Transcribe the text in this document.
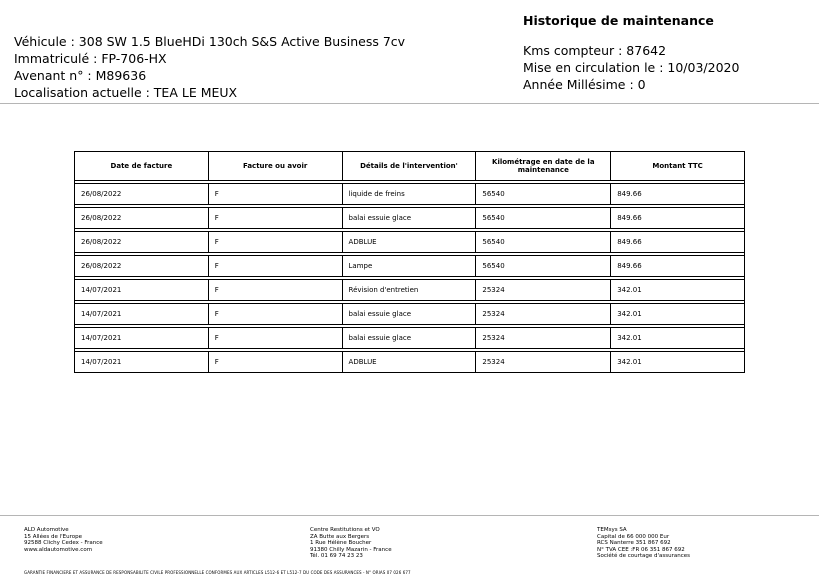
Véhicule : 308 SW 1.5 BlueHDi 130ch S&S Active Business 7cv
Immatriculé : FP-706-HX
Avenant n° : M89636
Localisation actuelle : TEA LE MEUX
Historique de maintenance
Kms compteur : 87642
Mise en circulation le : 10/03/2020
Année Millésime : 0
Date de facture	Facture ou avoir	Détails de l'intervention'	Kilométrage en date de la maintenance	Montant TTC

26/08/2022	F	liquide de freins	56540	849.66

26/08/2022	F	balai essuie glace	56540	849.66

26/08/2022	F	ADBLUE	56540	849.66

26/08/2022	F	Lampe	56540	849.66

14/07/2021	F	Révision d'entretien	25324	342.01

14/07/2021	F	balai essuie glace	25324	342.01

14/07/2021	F	balai essuie glace	25324	342.01

14/07/2021	F	ADBLUE	25324	342.01
ALD Automotive
15 Allées de l'Europe
92588 Clichy Cedex - France
www.aldautomotive.com
Centre Restitutions et VO
ZA Butte aux Bergers
1 Rue Hélène Boucher
91380 Chilly Mazarin - France
Tél. 01 69 74 23 23
TEMsys SA
Capital de 66 000 000 Eur
RCS Nanterre 351 867 692
N° TVA CEE :FR 06 351 867 692
Société de courtage d'assurances
GARANTIE FINANCIERE ET ASSURANCE DE RESPONSABILITE CIVILE PROFESSIONNELLE CONFORMES AUX ARTICLES L512-6 ET L512-7 DU CODE DES ASSURANCES - N° ORIAS 07 026 677
